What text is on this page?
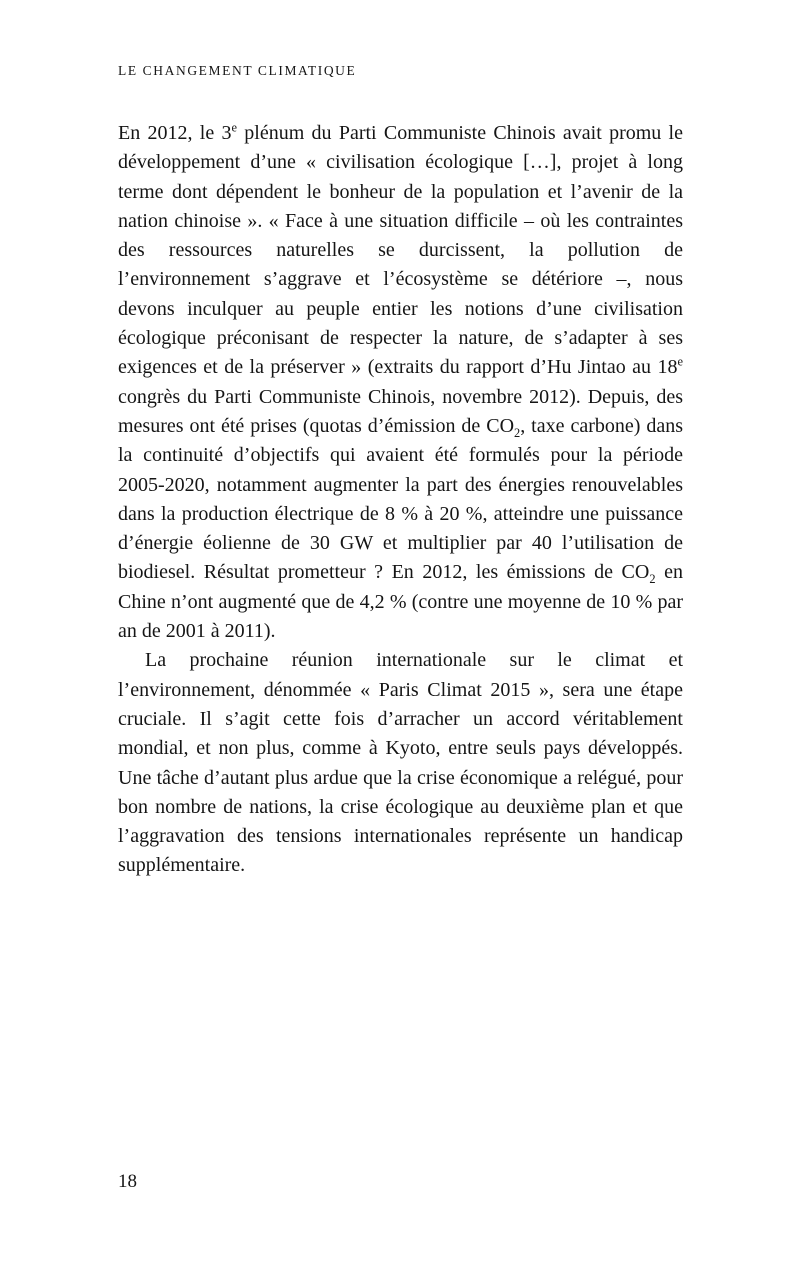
LE CHANGEMENT CLIMATIQUE

En 2012, le 3e plénum du Parti Communiste Chinois avait promu le développement d’une « civilisation écologique […], projet à long terme dont dépendent le bonheur de la population et l’avenir de la nation chinoise ». « Face à une situation difficile – où les contraintes des ressources naturelles se durcissent, la pollution de l’environnement s’aggrave et l’écosystème se détériore –, nous devons inculquer au peuple entier les notions d’une civilisation écologique préconisant de respecter la nature, de s’adapter à ses exigences et de la préserver » (extraits du rapport d’Hu Jintao au 18e congrès du Parti Communiste Chinois, novembre 2012). Depuis, des mesures ont été prises (quotas d’émission de $CO_2$, taxe carbone) dans la continuité d’objectifs qui avaient été formulés pour la période 2005-2020, notamment augmenter la part des énergies renouvelables dans la production électrique de 8 % à 20 %, atteindre une puissance d’énergie éolienne de 30 GW et multiplier par 40 l’utilisation de biodiesel. Résultat prometteur ? En 2012, les émissions de $CO_2$ en Chine n’ont augmenté que de 4,2 % (contre une moyenne de 10 % par an de 2001 à 2011).

La prochaine réunion internationale sur le climat et l’environnement, dénommée « Paris Climat 2015 », sera une étape cruciale. Il s’agit cette fois d’arracher un accord véritablement mondial, et non plus, comme à Kyoto, entre seuls pays développés. Une tâche d’autant plus ardue que la crise économique a relégué, pour bon nombre de nations, la crise écologique au deuxième plan et que l’aggravation des tensions internationales représente un handicap supplémentaire.

18
